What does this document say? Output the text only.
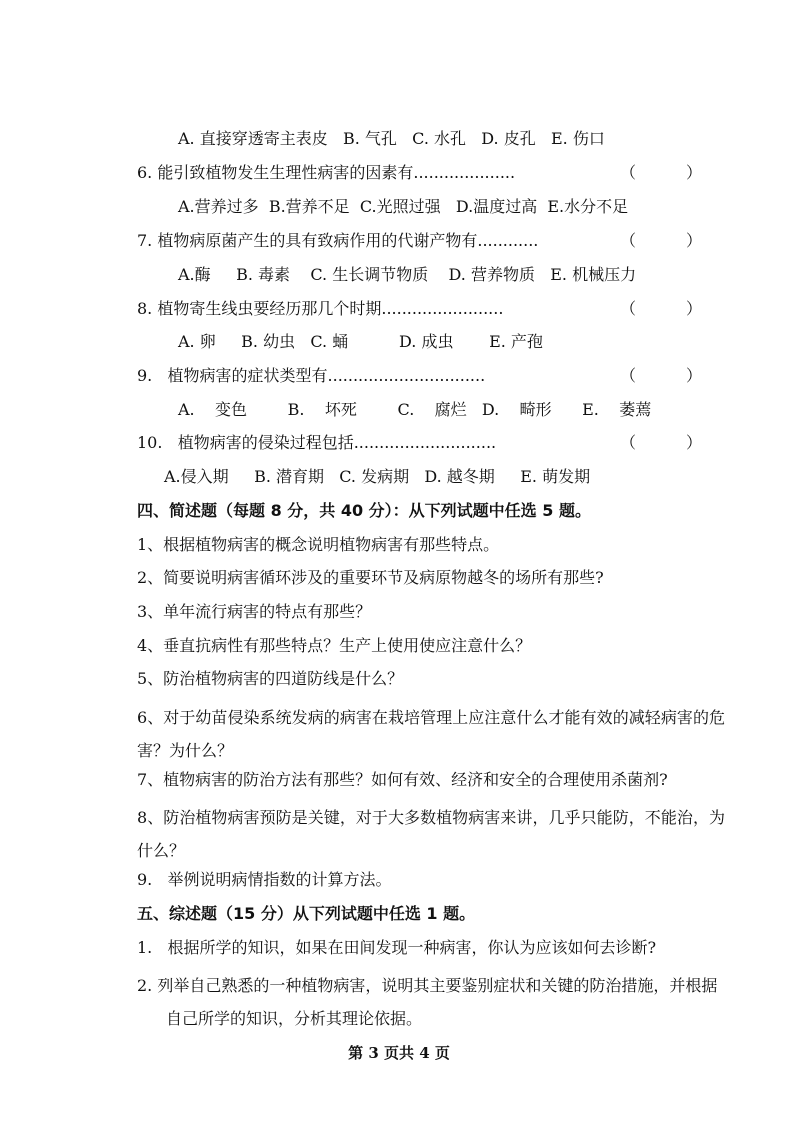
A. 直接穿透寄主表皮   B. 气孔   C. 水孔   D. 皮孔   E. 伤口
6. 能引致植物发生生理性病害的因素有....................	（	）
A.营养过多  B.营养不足  C.光照过强   D.温度过高  E.水分不足
7. 植物病原菌产生的具有致病作用的代谢产物有............	（	）
A.酶     B. 毒素    C. 生长调节物质    D. 营养物质   E. 机械压力
8. 植物寄生线虫要经历那几个时期........................	（	）
A. 卵     B. 幼虫   C. 蛹          D. 成虫       E. 产孢
9.   植物病害的症状类型有...............................	（	）
A.    变色        B.    坏死        C.    腐烂   D.    畸形      E.    萎蔫
10.   植物病害的侵染过程包括............................	（	）
A.侵入期     B. 潜育期   C. 发病期   D. 越冬期     E. 萌发期
四、简述题（每题 8 分，共 40 分）：从下列试题中任选 5 题。
1、根据植物病害的概念说明植物病害有那些特点。
2、简要说明病害循环涉及的重要环节及病原物越冬的场所有那些?
3、单年流行病害的特点有那些？
4、垂直抗病性有那些特点？生产上使用使应注意什么？
5、防治植物病害的四道防线是什么？
6、对于幼苗侵染系统发病的病害在栽培管理上应注意什么才能有效的减轻病害的危害？为什么？
7、植物病害的防治方法有那些？如何有效、经济和安全的合理使用杀菌剂?
8、防治植物病害预防是关键，对于大多数植物病害来讲，几乎只能防，不能治，为什么？
9.   举例说明病情指数的计算方法。
五、综述题（15 分）从下列试题中任选 1 题。
1.   根据所学的知识，如果在田间发现一种病害，你认为应该如何去诊断?
2. 列举自己熟悉的一种植物病害，说明其主要鉴别症状和关键的防治措施，并根据自己所学的知识，分析其理论依据。
第 3 页共 4 页
